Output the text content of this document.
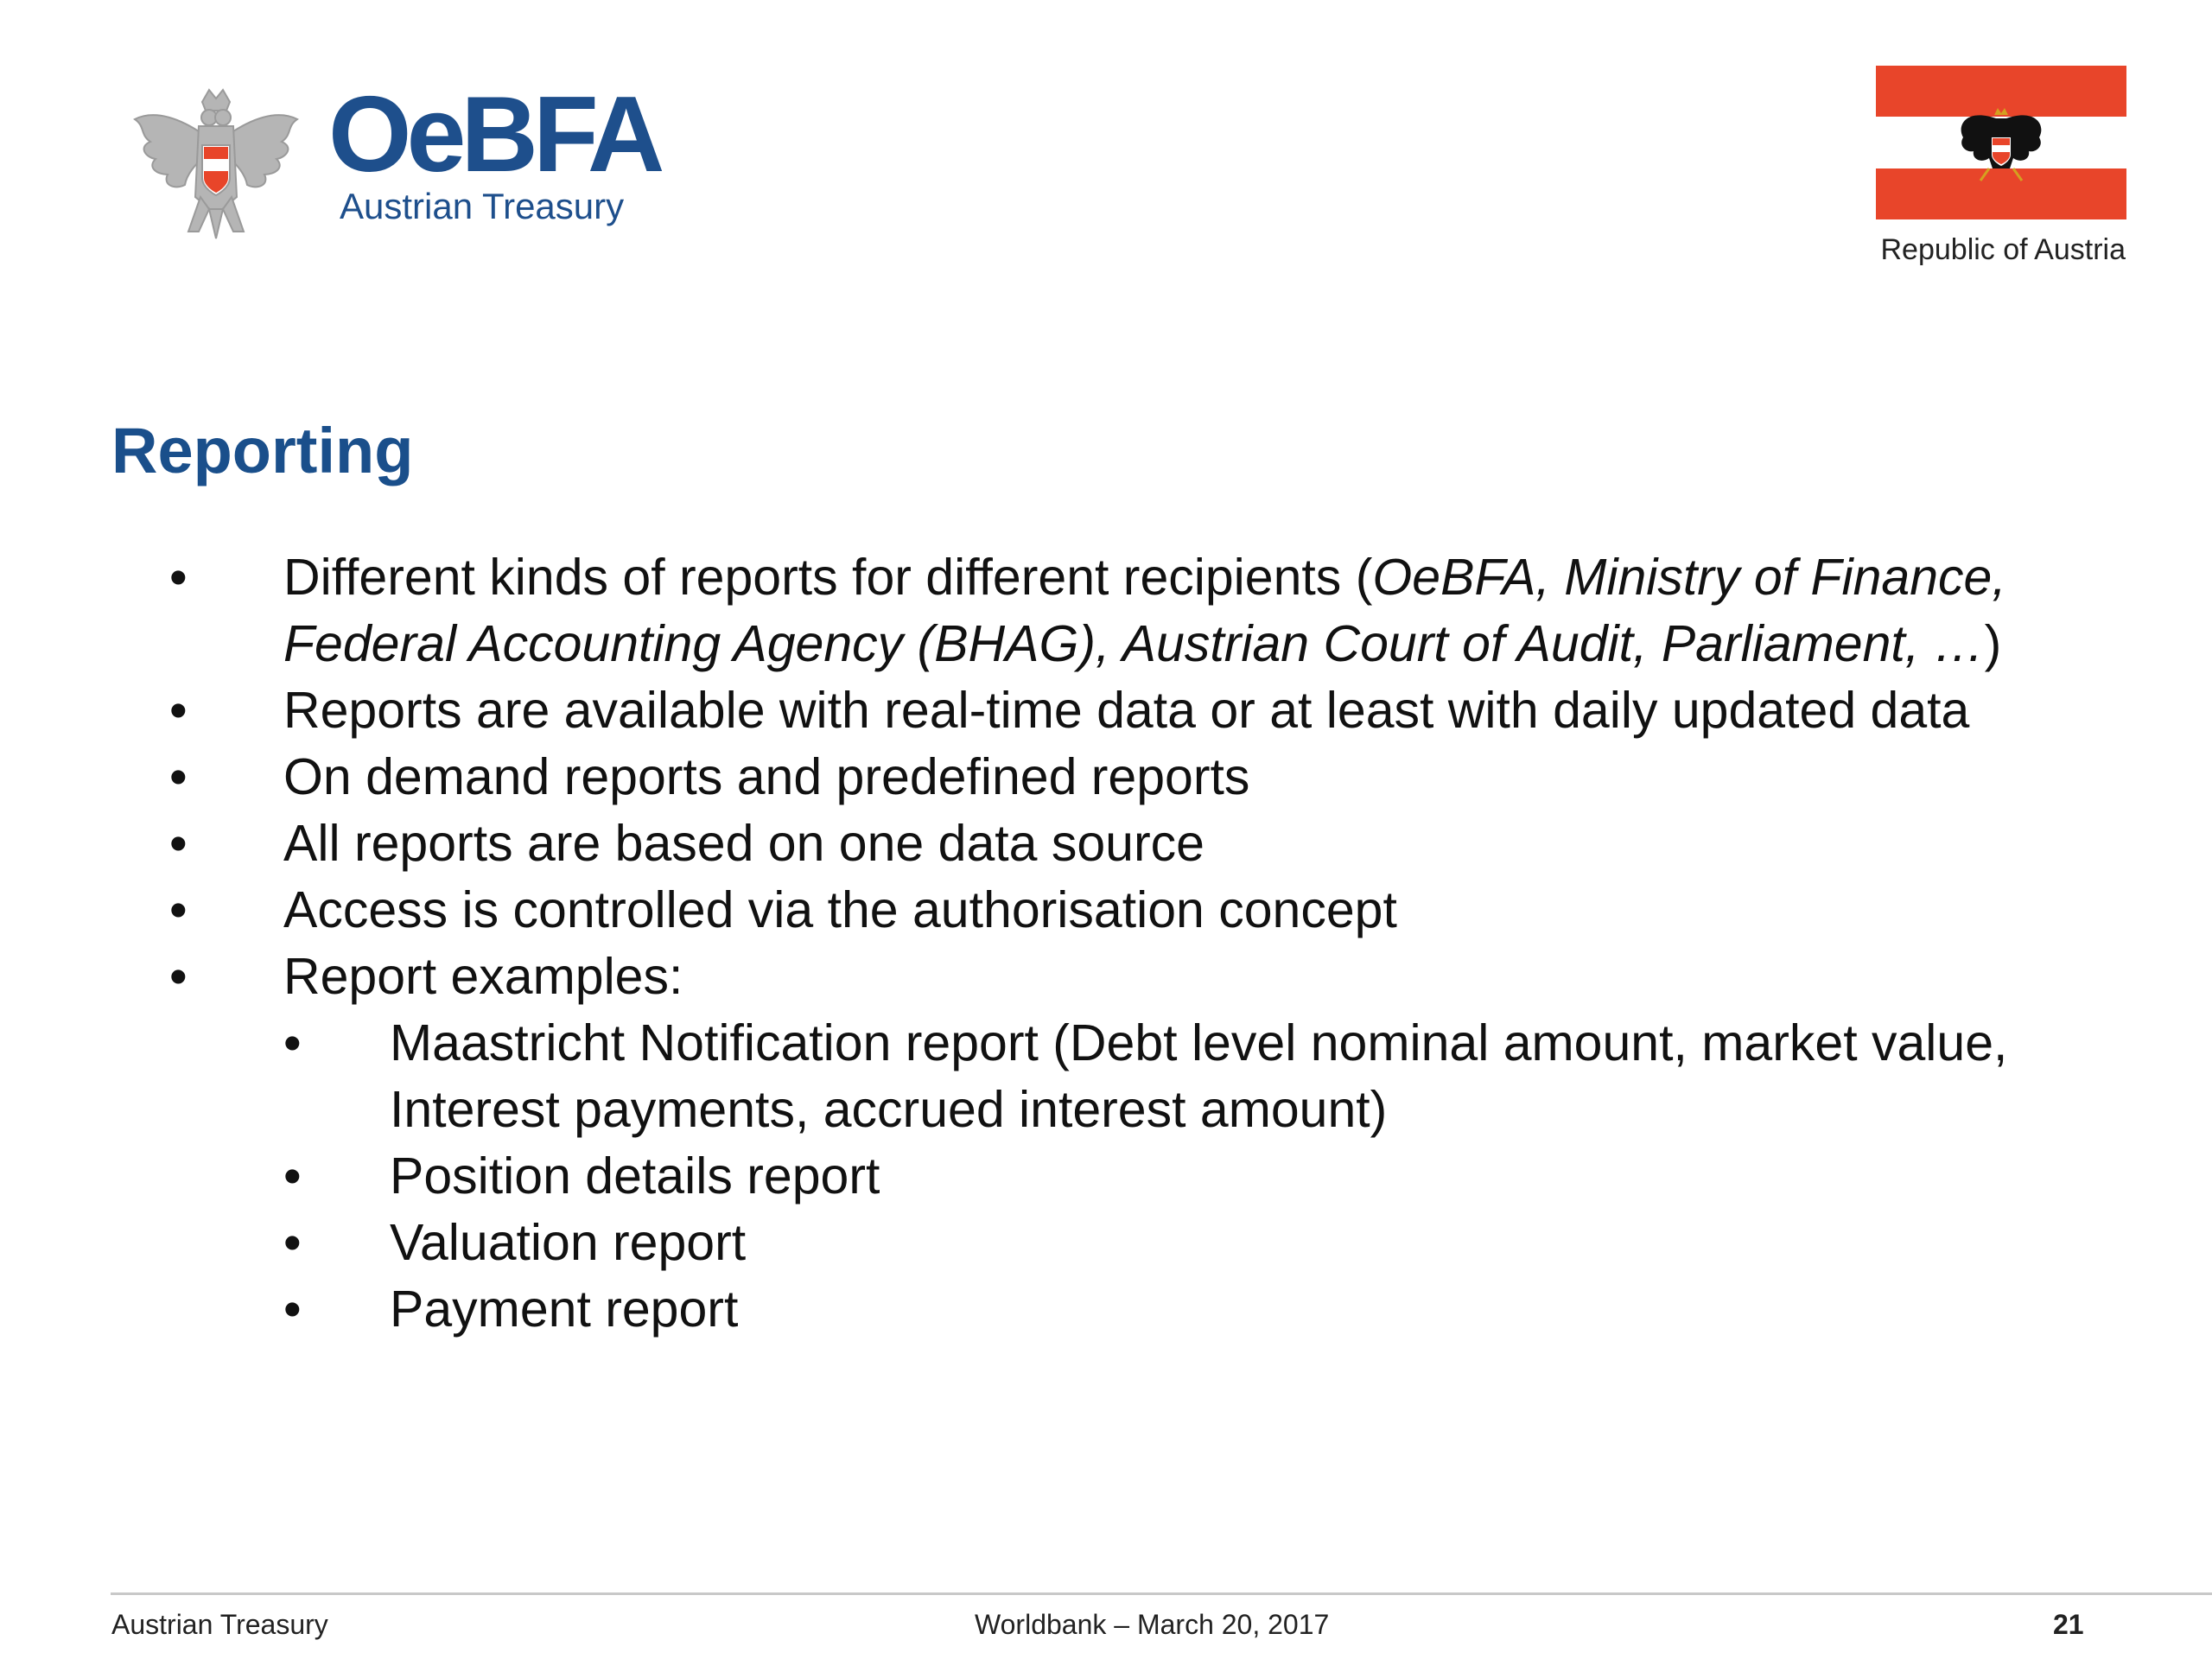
OeBFA
Austrian Treasury
Republic of Austria
Reporting
• Different kinds of reports for different recipients (OeBFA, Ministry of Finance, Federal Accounting Agency (BHAG), Austrian Court of Audit, Parliament, …)
• Reports are available with real-time data or at least with daily updated data
• On demand reports and predefined reports
• All reports are based on one data source
• Access is controlled via the authorisation concept
• Report examples:
• Maastricht Notification report (Debt level nominal amount, market value, Interest payments, accrued interest amount)
• Position details report
• Valuation report
• Payment report
Austrian Treasury	Worldbank – March 20, 2017	21
